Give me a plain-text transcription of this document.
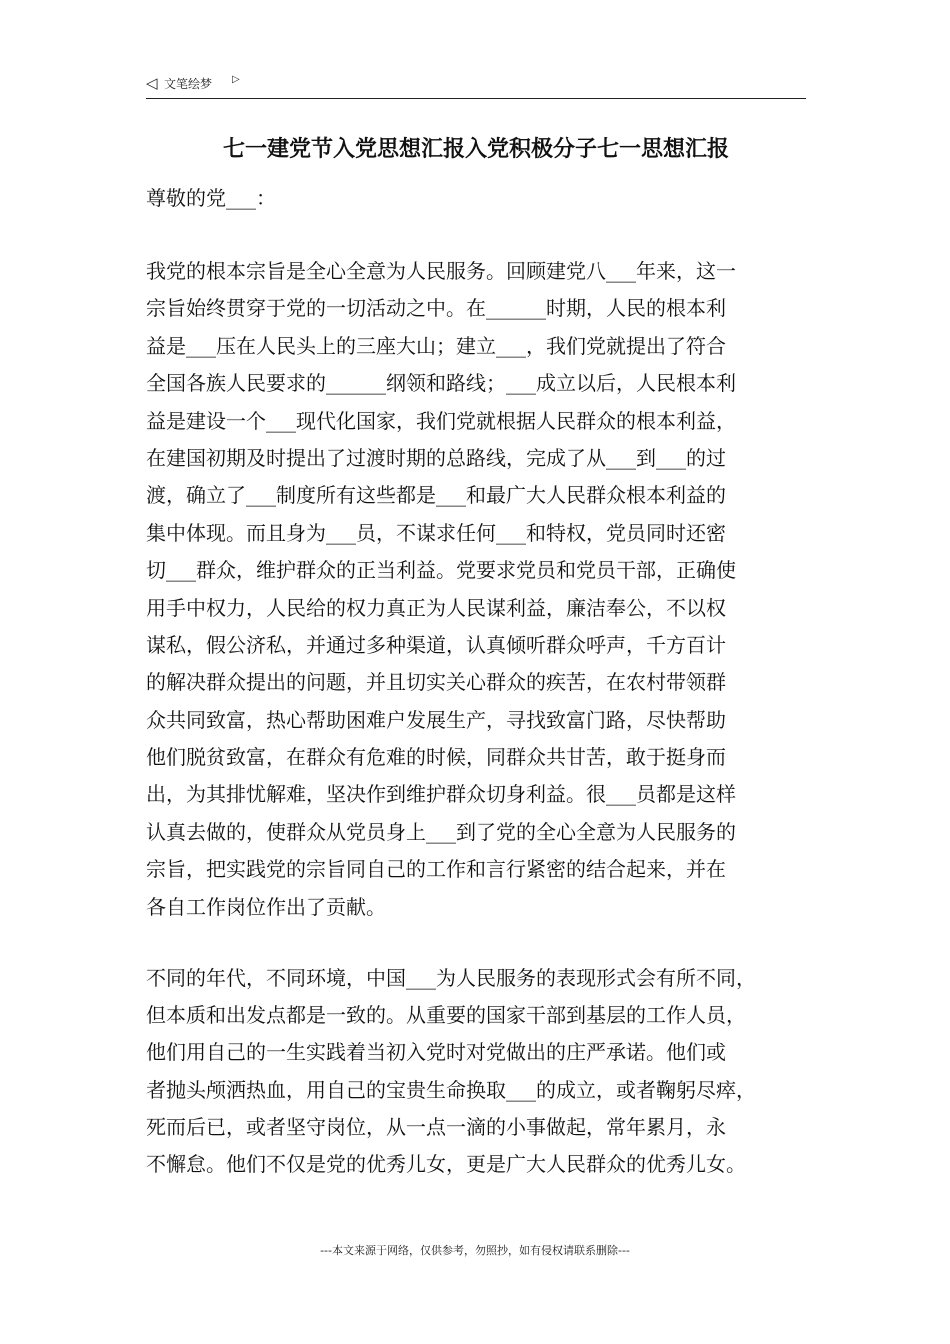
◁ 文笔绘梦 ▷
七一建党节入党思想汇报入党积极分子七一思想汇报
尊敬的党___：
我党的根本宗旨是全心全意为人民服务。回顾建党八___年来，这一
宗旨始终贯穿于党的一切活动之中。在______时期，人民的根本利
益是___压在人民头上的三座大山；建立___，我们党就提出了符合
全国各族人民要求的______纲领和路线；___成立以后，人民根本利
益是建设一个___现代化国家，我们党就根据人民群众的根本利益，
在建国初期及时提出了过渡时期的总路线，完成了从___到___的过
渡，确立了___制度所有这些都是___和最广大人民群众根本利益的
集中体现。而且身为___员，不谋求任何___和特权，党员同时还密
切___群众，维护群众的正当利益。党要求党员和党员干部，正确使
用手中权力，人民给的权力真正为人民谋利益，廉洁奉公，不以权
谋私，假公济私，并通过多种渠道，认真倾听群众呼声，千方百计
的解决群众提出的问题，并且切实关心群众的疾苦，在农村带领群
众共同致富，热心帮助困难户发展生产，寻找致富门路，尽快帮助
他们脱贫致富，在群众有危难的时候，同群众共甘苦，敢于挺身而
出，为其排忧解难，坚决作到维护群众切身利益。很___员都是这样
认真去做的，使群众从党员身上___到了党的全心全意为人民服务的
宗旨，把实践党的宗旨同自己的工作和言行紧密的结合起来，并在
各自工作岗位作出了贡献。
不同的年代，不同环境，中国___为人民服务的表现形式会有所不同，
但本质和出发点都是一致的。从重要的国家干部到基层的工作人员，
他们用自己的一生实践着当初入党时对党做出的庄严承诺。他们或
者抛头颅洒热血，用自己的宝贵生命换取___的成立，或者鞠躬尽瘁，
死而后已，或者坚守岗位，从一点一滴的小事做起，常年累月，永
不懈怠。他们不仅是党的优秀儿女，更是广大人民群众的优秀儿女。
---本文来源于网络，仅供参考，勿照抄，如有侵权请联系删除---
